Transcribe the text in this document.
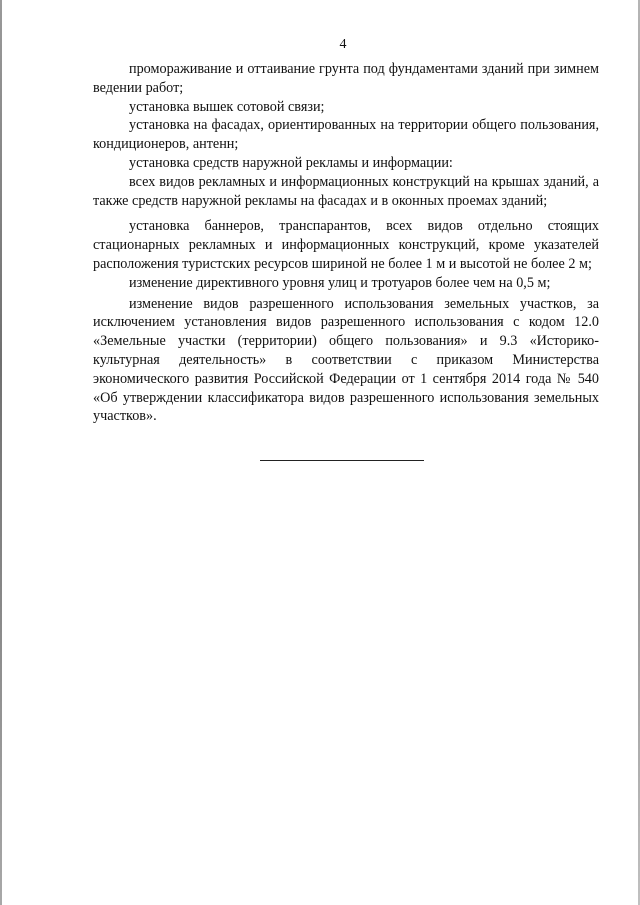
4

промораживание и оттаивание грунта под фундаментами зданий при зимнем ведении работ;

установка вышек сотовой связи;

установка на фасадах, ориентированных на территории общего пользования, кондиционеров, антенн;

установка средств наружной рекламы и информации:

всех видов рекламных и информационных конструкций на крышах зданий, а также средств наружной рекламы на фасадах и в оконных проемах зданий;

установка баннеров, транспарантов, всех видов отдельно стоящих стационарных рекламных и информационных конструкций, кроме указателей расположения туристских ресурсов шириной не более 1 м и высотой не более 2 м;

изменение директивного уровня улиц и тротуаров более чем на 0,5 м;

изменение видов разрешенного использования земельных участков, за исключением установления видов разрешенного использования с кодом 12.0 «Земельные участки (территории) общего пользования» и 9.3 «Историко-культурная деятельность» в соответствии с приказом Министерства экономического развития Российской Федерации от 1 сентября 2014 года № 540 «Об утверждении классификатора видов разрешенного использования земельных участков».
